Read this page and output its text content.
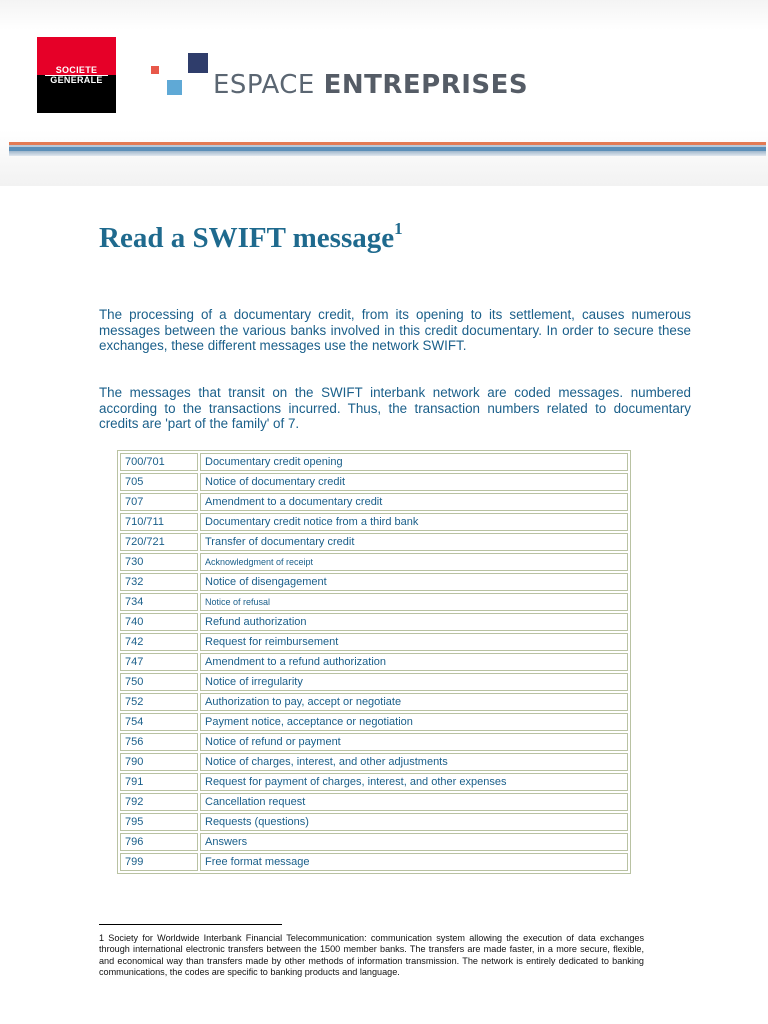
SOCIETE
GENERALE	ESPACE ENTREPRISES
Read a SWIFT message$^1$

The processing of a documentary credit, from its opening to its settlement, causes numerous messages between the various banks involved in this credit documentary. In order to secure these exchanges, these different messages use the network SWIFT.

The messages that transit on the SWIFT interbank network are coded messages. numbered according to the transactions incurred. Thus, the transaction numbers related to documentary credits are 'part of the family' of 7.

700/701	Documentary credit opening
705	Notice of documentary credit
707	Amendment to a documentary credit
710/711	Documentary credit notice from a third bank
720/721	Transfer of documentary credit
730	Acknowledgment of receipt
732	Notice of disengagement
734	Notice of refusal
740	Refund authorization
742	Request for reimbursement
747	Amendment to a refund authorization
750	Notice of irregularity
752	Authorization to pay, accept or negotiate
754	Payment notice, acceptance or negotiation
756	Notice of refund or payment
790	Notice of charges, interest, and other adjustments
791	Request for payment of charges, interest, and other expenses
792	Cancellation request
795	Requests (questions)
796	Answers
799	Free format message

1 Society for Worldwide Interbank Financial Telecommunication: communication system allowing the execution of data exchanges through international electronic transfers between the 1500 member banks. The transfers are made faster, in a more secure, flexible, and economical way than transfers made by other methods of information transmission. The network is entirely dedicated to banking communications, the codes are specific to banking products and language.
